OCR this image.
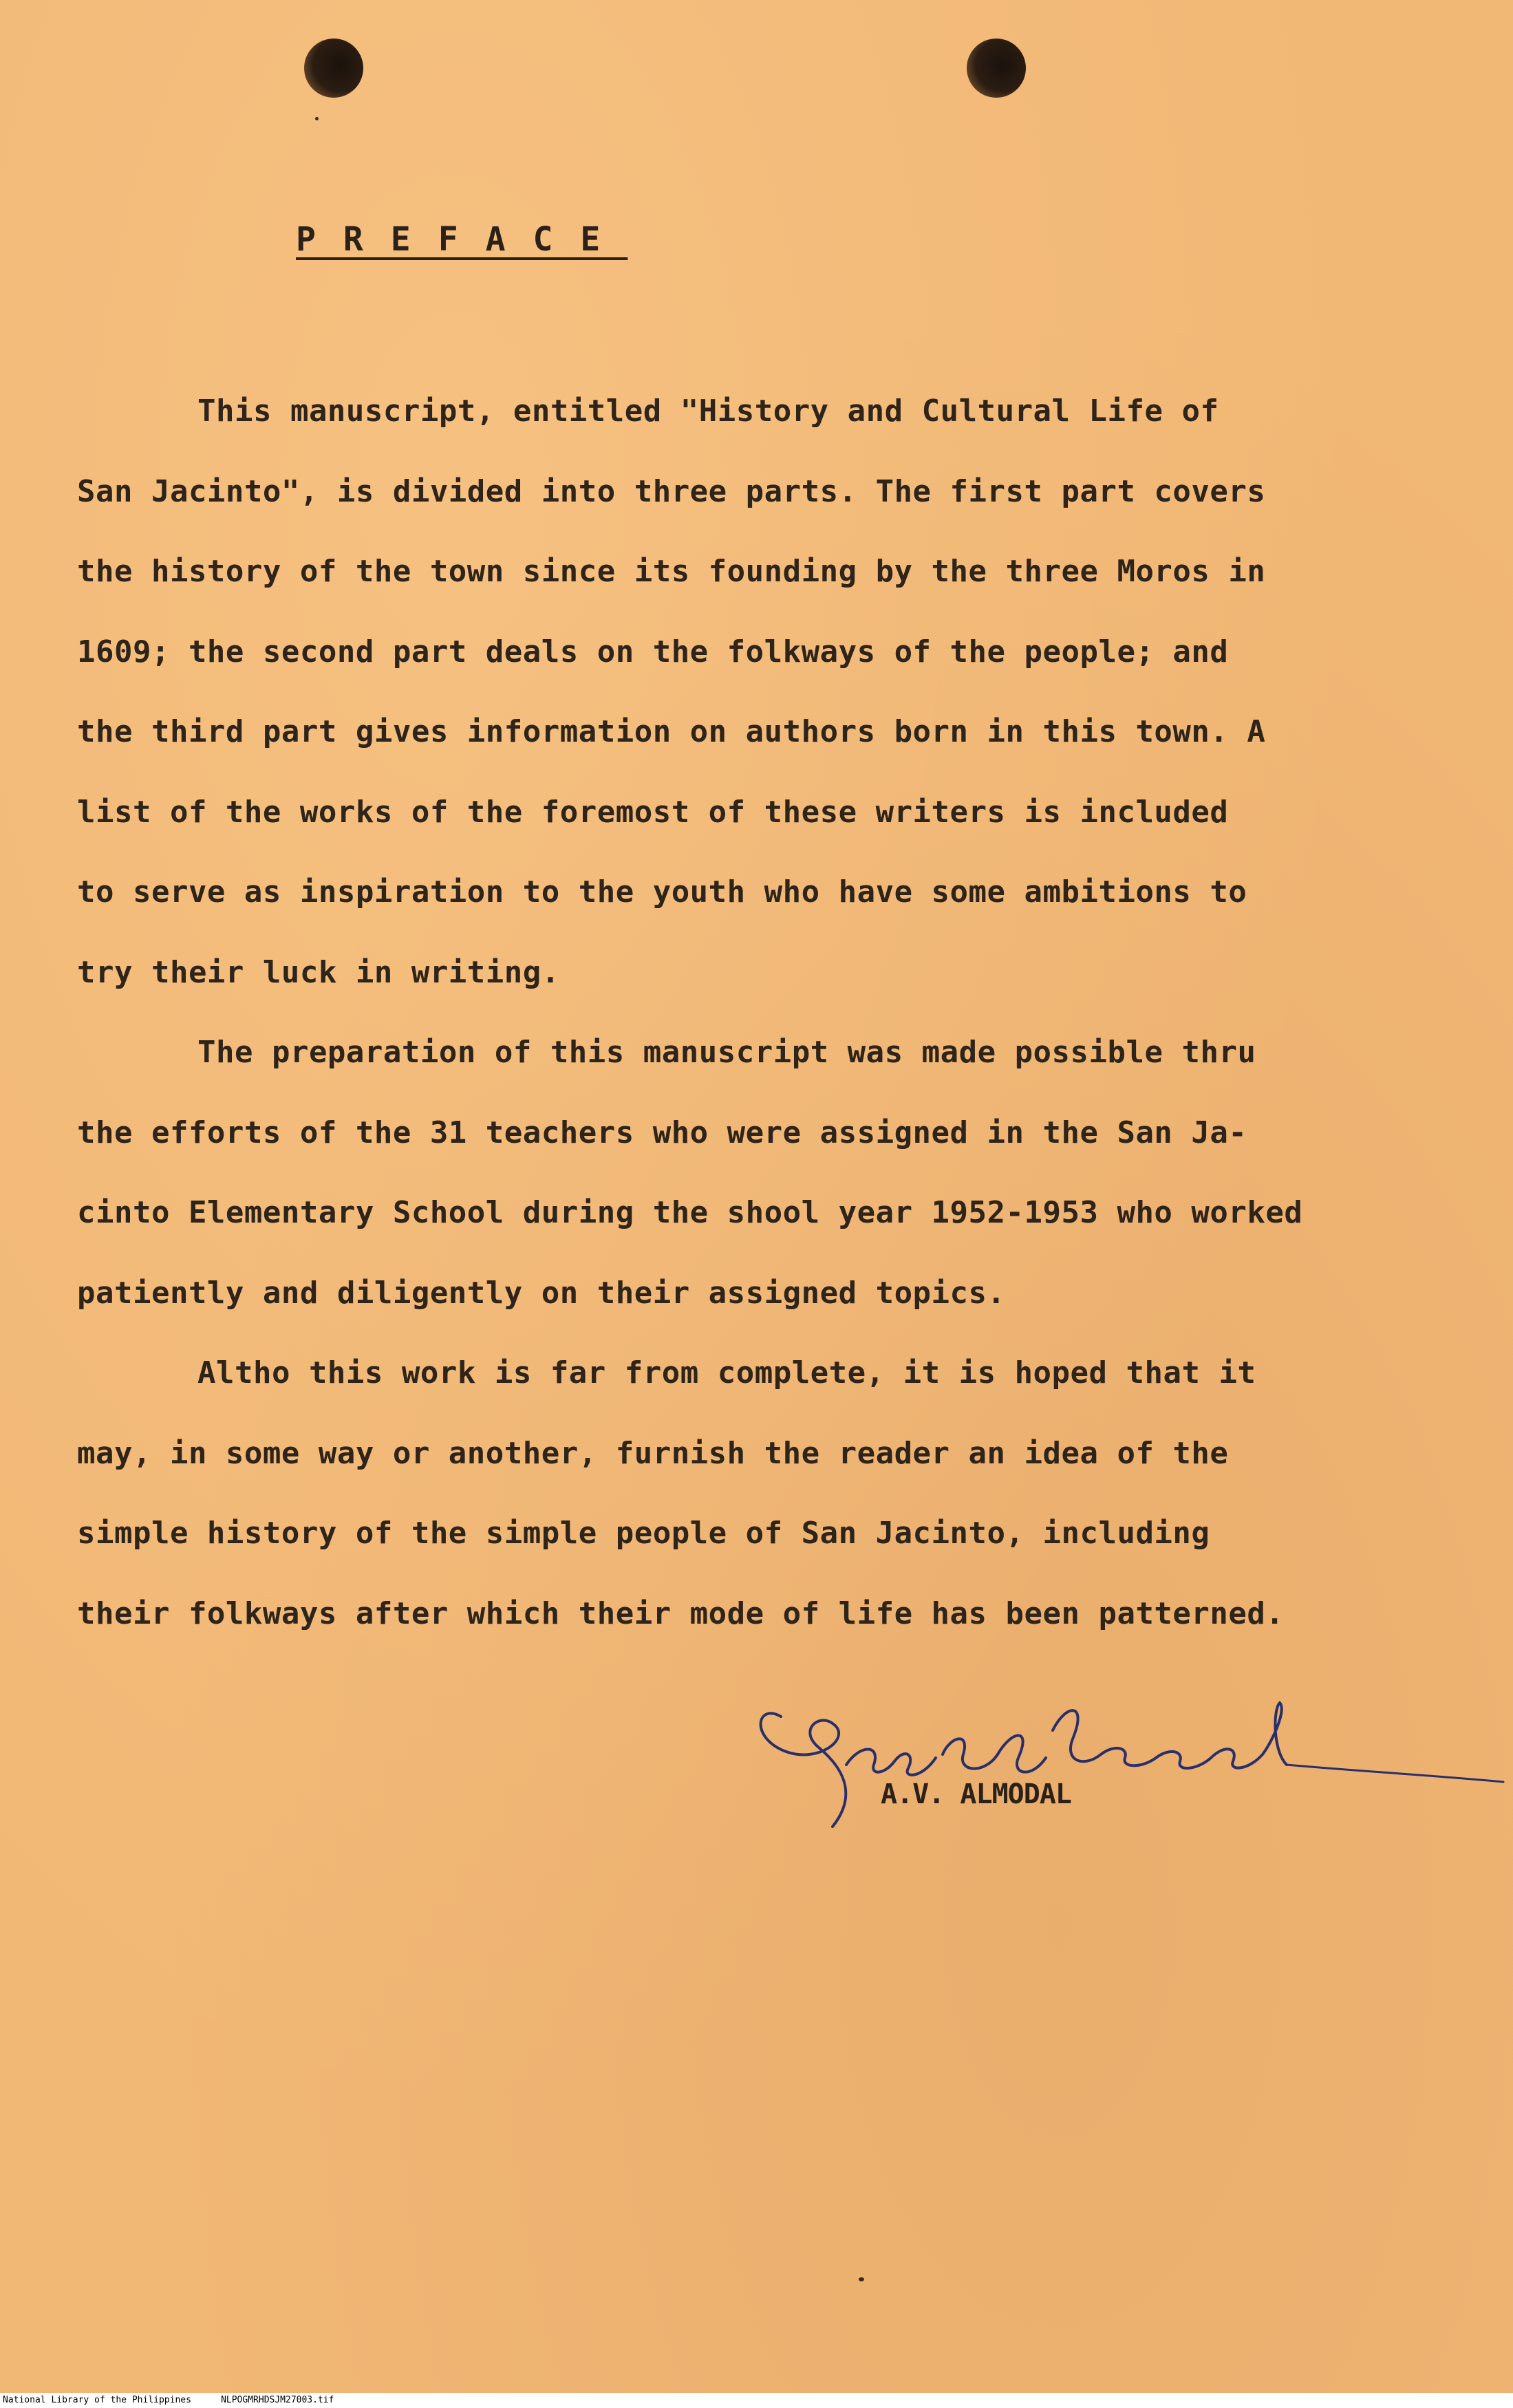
PREFACE
This manuscript, entitled "History and Cultural Life of
San Jacinto", is divided into three parts. The first part covers
the history of the town since its founding by the three Moros in
1609; the second part deals on the folkways of the people; and
the third part gives information on authors born in this town. A
list of the works of the foremost of these writers is included
to serve as inspiration to the youth who have some ambitions to
try their luck in writing.
The preparation of this manuscript was made possible thru
the efforts of the 31 teachers who were assigned in the San Ja-
cinto Elementary School during the shool year 1952-1953 who worked
patiently and diligently on their assigned topics.
Altho this work is far from complete, it is hoped that it
may, in some way or another, furnish the reader an idea of the
simple history of the simple people of San Jacinto, including
their folkways after which their mode of life has been patterned.
A.V. ALMODAL
National Library of the Philippines	NLPOGMRHDSJM27003.tif
